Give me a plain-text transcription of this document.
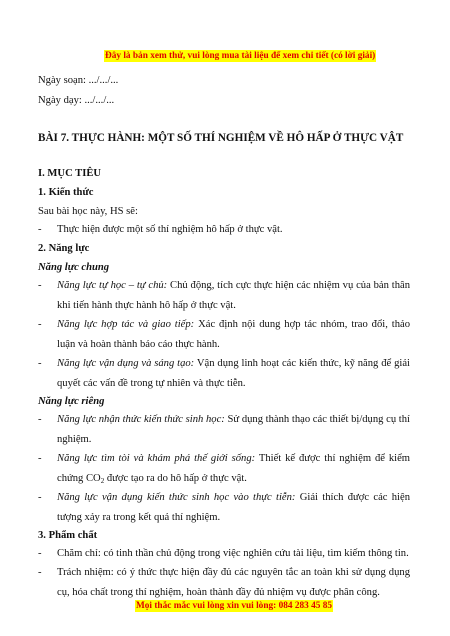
Đây là bản xem thử, vui lòng mua tài liệu để xem chi tiết (có lời giải)
Ngày soạn: .../.../...
Ngày dạy: .../.../...
BÀI 7. THỰC HÀNH: MỘT SỐ THÍ NGHIỆM VỀ HÔ HẤP Ở THỰC VẬT
I. MỤC TIÊU
1. Kiến thức
Sau bài học này, HS sẽ:
- Thực hiện được một số thí nghiệm hô hấp ở thực vật.
2. Năng lực
Năng lực chung
- Năng lực tự học – tự chủ: Chủ động, tích cực thực hiện các nhiệm vụ của bản thân khi tiến hành thực hành hô hấp ở thực vật.
- Năng lực hợp tác và giao tiếp: Xác định nội dung hợp tác nhóm, trao đổi, thảo luận và hoàn thành báo cáo thực hành.
- Năng lực vận dụng và sáng tạo: Vận dụng linh hoạt các kiến thức, kỹ năng để giải quyết các vấn đề trong tự nhiên và thực tiễn.
Năng lực riêng
- Năng lực nhận thức kiến thức sinh học: Sử dụng thành thạo các thiết bị/dụng cụ thí nghiệm.
- Năng lực tìm tòi và khám phá thế giới sống: Thiết kế được thí nghiệm để kiểm chứng $CO_2$ được tạo ra do hô hấp ở thực vật.
- Năng lực vận dụng kiến thức sinh học vào thực tiễn: Giải thích được các hiện tượng xảy ra trong kết quả thí nghiệm.
3. Phẩm chất
- Chăm chỉ: có tinh thần chủ động trong việc nghiên cứu tài liệu, tìm kiếm thông tin.
- Trách nhiệm: có ý thức thực hiện đầy đủ các nguyên tắc an toàn khi sử dụng dụng cụ, hóa chất trong thí nghiệm, hoàn thành đầy đủ nhiệm vụ được phân công.
Mọi thắc mắc vui lòng xin vui lòng: 084 283 45 85
